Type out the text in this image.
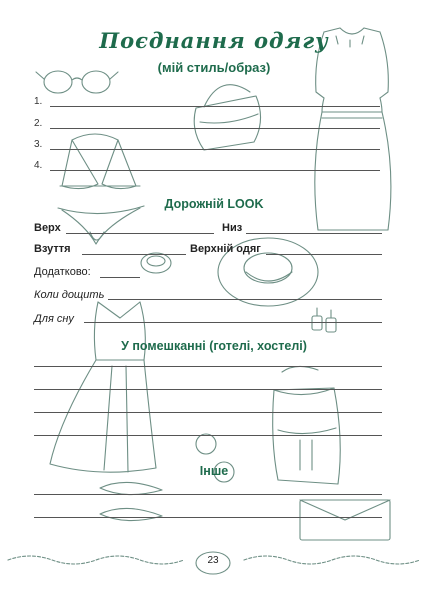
Поєднання одягу
(мій стиль/образ)
1.
2.
3.
4.
Дорожній LOOK
Верх	Низ
Взуття	Верхній одяг
Додатково:
Коли дощить
Для сну
У помешканні (готелі, хостелі)
Інше
23
